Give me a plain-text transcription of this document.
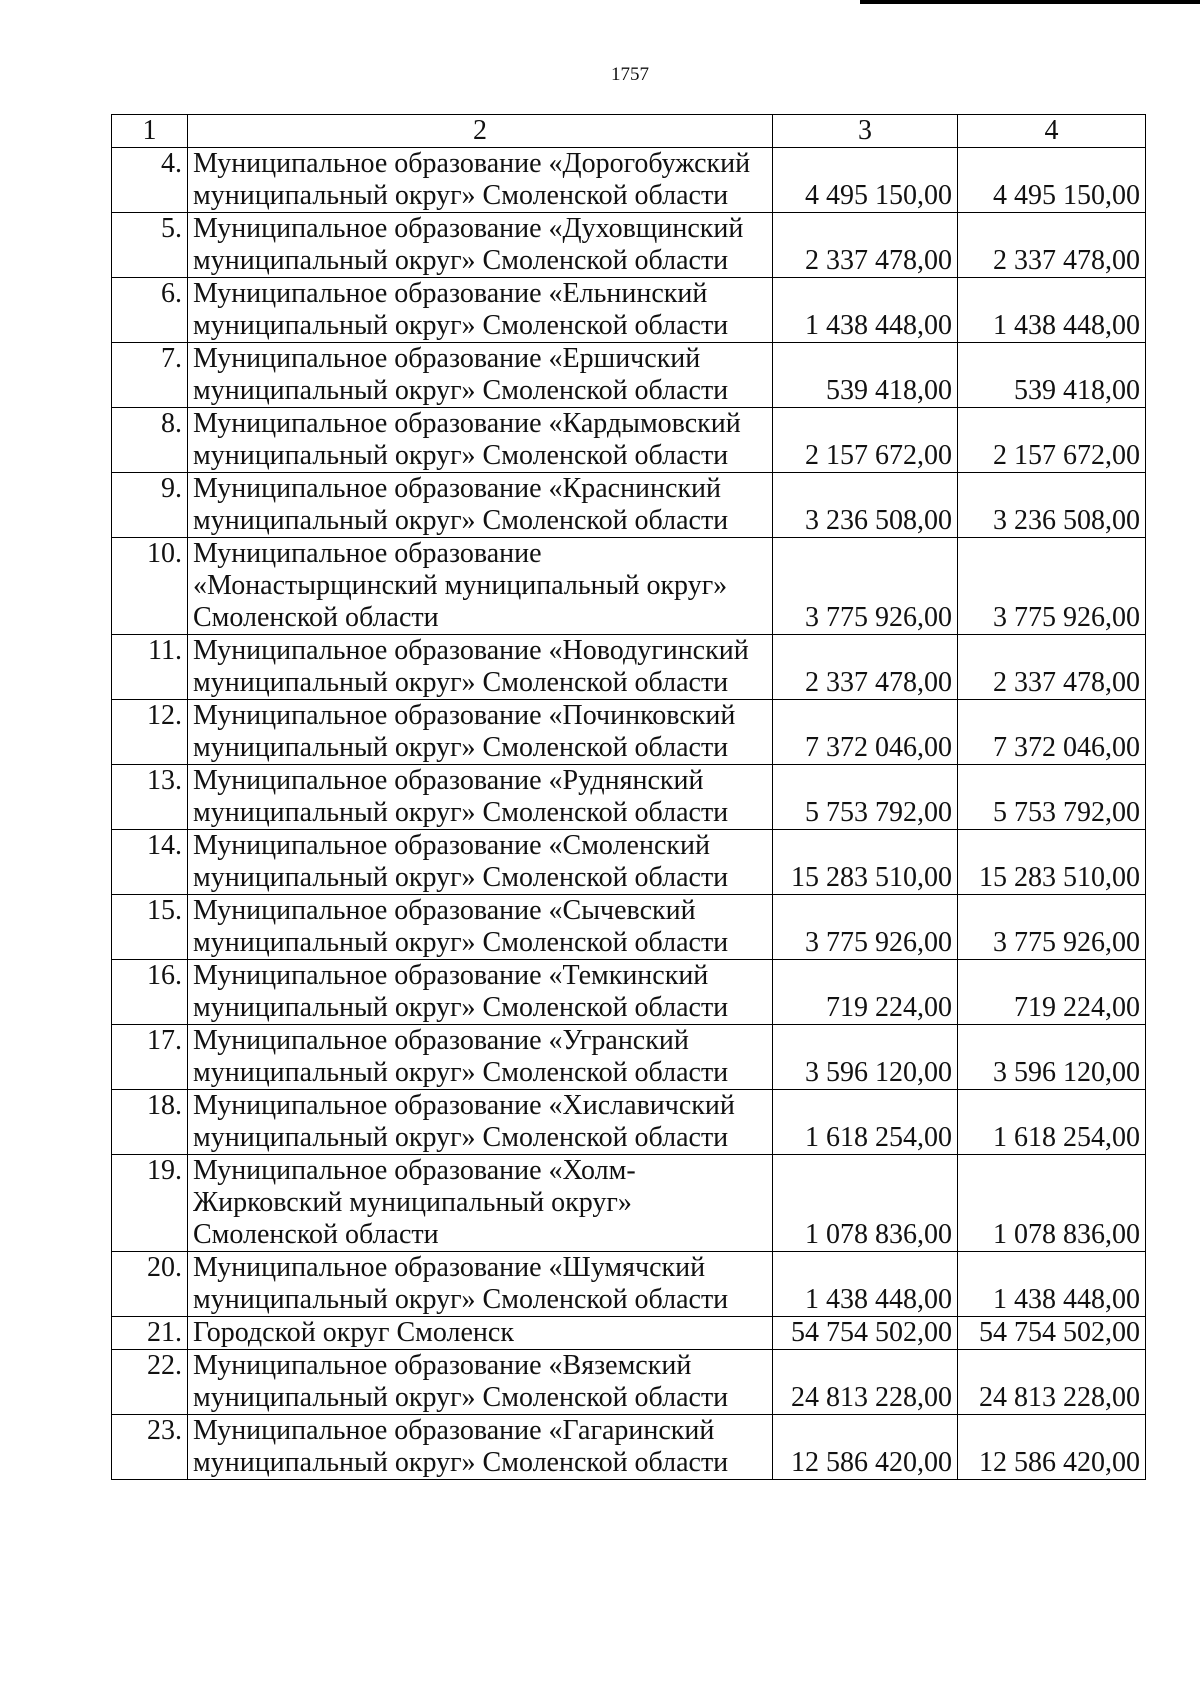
1757
1	2	3	4
4.	Муниципальное образование «Дорогобужский муниципальный округ» Смоленской области	4 495 150,00	4 495 150,00
5.	Муниципальное образование «Духовщинский муниципальный округ» Смоленской области	2 337 478,00	2 337 478,00
6.	Муниципальное образование «Ельнинский муниципальный округ» Смоленской области	1 438 448,00	1 438 448,00
7.	Муниципальное образование «Ершичский муниципальный округ» Смоленской области	539 418,00	539 418,00
8.	Муниципальное образование «Кардымовский муниципальный округ» Смоленской области	2 157 672,00	2 157 672,00
9.	Муниципальное образование «Краснинский муниципальный округ» Смоленской области	3 236 508,00	3 236 508,00
10.	Муниципальное образование «Монастырщинский муниципальный округ» Смоленской области	3 775 926,00	3 775 926,00
11.	Муниципальное образование «Новодугинский муниципальный округ» Смоленской области	2 337 478,00	2 337 478,00
12.	Муниципальное образование «Починковский муниципальный округ» Смоленской области	7 372 046,00	7 372 046,00
13.	Муниципальное образование «Руднянский муниципальный округ» Смоленской области	5 753 792,00	5 753 792,00
14.	Муниципальное образование «Смоленский муниципальный округ» Смоленской области	15 283 510,00	15 283 510,00
15.	Муниципальное образование «Сычевский муниципальный округ» Смоленской области	3 775 926,00	3 775 926,00
16.	Муниципальное образование «Темкинский муниципальный округ» Смоленской области	719 224,00	719 224,00
17.	Муниципальное образование «Угранский муниципальный округ» Смоленской области	3 596 120,00	3 596 120,00
18.	Муниципальное образование «Хиславичский муниципальный округ» Смоленской области	1 618 254,00	1 618 254,00
19.	Муниципальное образование «Холм-Жирковский муниципальный округ» Смоленской области	1 078 836,00	1 078 836,00
20.	Муниципальное образование «Шумячский муниципальный округ» Смоленской области	1 438 448,00	1 438 448,00
21.	Городской округ Смоленск	54 754 502,00	54 754 502,00
22.	Муниципальное образование «Вяземский муниципальный округ» Смоленской области	24 813 228,00	24 813 228,00
23.	Муниципальное образование «Гагаринский муниципальный округ» Смоленской области	12 586 420,00	12 586 420,00
